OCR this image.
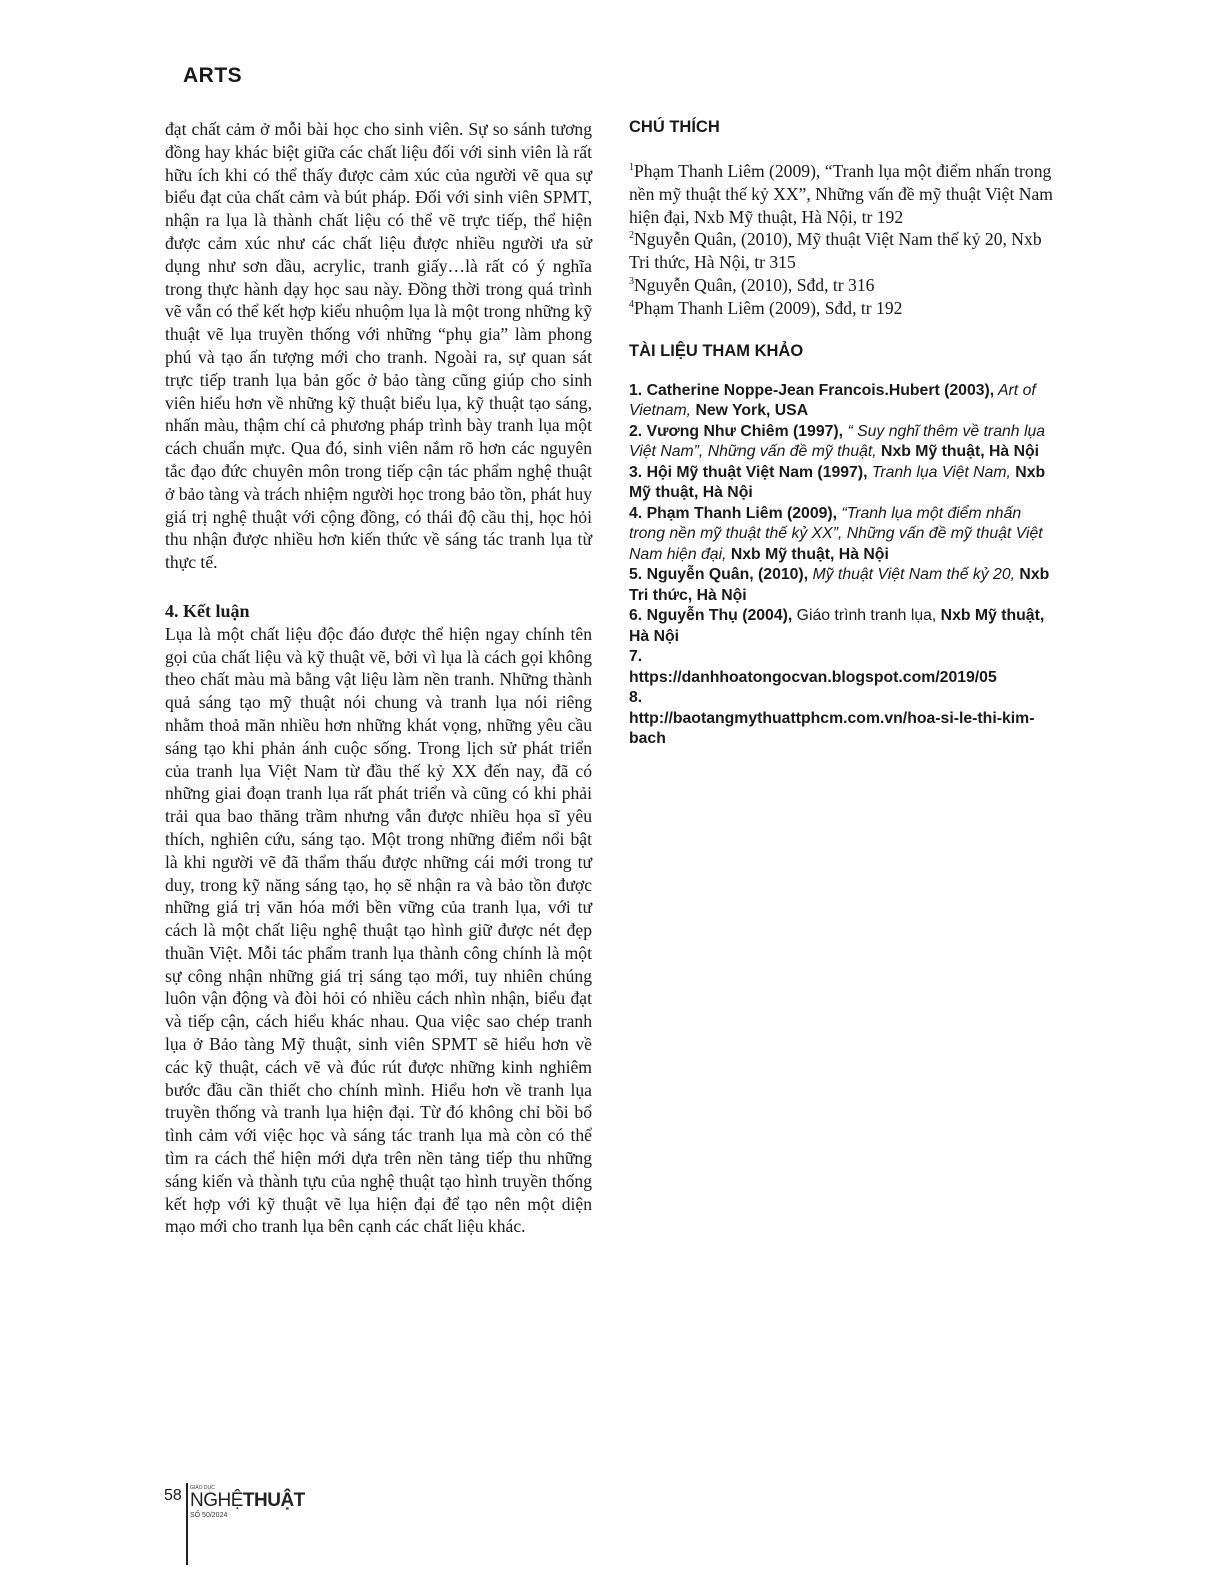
ARTS

đạt chất cảm ở mỗi bài học cho sinh viên. Sự so sánh tương đồng hay khác biệt giữa các chất liệu đối với sinh viên là rất hữu ích khi có thể thấy được cảm xúc của người vẽ qua sự biểu đạt của chất cảm và bút pháp. Đối với sinh viên SPMT, nhận ra lụa là thành chất liệu có thể vẽ trực tiếp, thể hiện được cảm xúc như các chất liệu được nhiều người ưa sử dụng như sơn dầu, acrylic, tranh giấy…là rất có ý nghĩa trong thực hành dạy học sau này. Đồng thời trong quá trình vẽ vẫn có thể kết hợp kiểu nhuộm lụa là một trong những kỹ thuật vẽ lụa truyền thống với những “phụ gia” làm phong phú và tạo ấn tượng mới cho tranh. Ngoài ra, sự quan sát trực tiếp tranh lụa bản gốc ở bảo tàng cũng giúp cho sinh viên hiểu hơn về những kỹ thuật biểu lụa, kỹ thuật tạo sáng, nhấn màu, thậm chí cả phương pháp trình bày tranh lụa một cách chuẩn mực. Qua đó, sinh viên nắm rõ hơn các nguyên tắc đạo đức chuyên môn trong tiếp cận tác phẩm nghệ thuật ở bảo tàng và trách nhiệm người học trong bảo tồn, phát huy giá trị nghệ thuật với cộng đồng, có thái độ cầu thị, học hỏi thu nhận được nhiều hơn kiến thức về sáng tác tranh lụa từ thực tế.

4. Kết luận

Lụa là một chất liệu độc đáo được thể hiện ngay chính tên gọi của chất liệu và kỹ thuật vẽ, bởi vì lụa là cách gọi không theo chất màu mà bằng vật liệu làm nền tranh. Những thành quả sáng tạo mỹ thuật nói chung và tranh lụa nói riêng nhằm thoả mãn nhiều hơn những khát vọng, những yêu cầu sáng tạo khi phản ánh cuộc sống. Trong lịch sử phát triển của tranh lụa Việt Nam từ đầu thế kỷ XX đến nay, đã có những giai đoạn tranh lụa rất phát triển và cũng có khi phải trải qua bao thăng trầm nhưng vẫn được nhiều họa sĩ yêu thích, nghiên cứu, sáng tạo. Một trong những điểm nổi bật là khi người vẽ đã thẩm thấu được những cái mới trong tư duy, trong kỹ năng sáng tạo, họ sẽ nhận ra và bảo tồn được những giá trị văn hóa mới bền vững của tranh lụa, với tư cách là một chất liệu nghệ thuật tạo hình giữ được nét đẹp thuần Việt. Mỗi tác phẩm tranh lụa thành công chính là một sự công nhận những giá trị sáng tạo mới, tuy nhiên chúng luôn vận động và đòi hỏi có nhiều cách nhìn nhận, biểu đạt và tiếp cận, cách hiểu khác nhau. Qua việc sao chép tranh lụa ở Bảo tàng Mỹ thuật, sinh viên SPMT sẽ hiểu hơn về các kỹ thuật, cách vẽ và đúc rút được những kinh nghiêm bước đầu cần thiết cho chính mình. Hiểu hơn về tranh lụa truyền thống và tranh lụa hiện đại. Từ đó không chỉ bồi bổ tình cảm với việc học và sáng tác tranh lụa mà còn có thể tìm ra cách thể hiện mới dựa trên nền tảng tiếp thu những sáng kiến và thành tựu của nghệ thuật tạo hình truyền thống kết hợp với kỹ thuật vẽ lụa hiện đại để tạo nên một diện mạo mới cho tranh lụa bên cạnh các chất liệu khác.

CHÚ THÍCH

$^1$Phạm Thanh Liêm (2009), “Tranh lụa một điểm nhấn trong nền mỹ thuật thế kỷ XX”, Những vấn đề mỹ thuật Việt Nam hiện đại, Nxb Mỹ thuật, Hà Nội, tr 192

$^2$Nguyễn Quân, (2010), Mỹ thuật Việt Nam thế kỷ 20, Nxb Tri thức, Hà Nội, tr 315

$^3$Nguyễn Quân, (2010), Sđd, tr 316

$^4$Phạm Thanh Liêm (2009), Sđd, tr 192

TÀI LIỆU THAM KHẢO

1. Catherine Noppe-Jean Francois.Hubert (2003), Art of Vietnam, New York, USA

2. Vương Như Chiêm (1997), “ Suy nghĩ thêm về tranh lụa Việt Nam”, Những vấn đề mỹ thuật, Nxb Mỹ thuật, Hà Nội

3. Hội Mỹ thuật Việt Nam (1997), Tranh lụa Việt Nam, Nxb Mỹ thuật, Hà Nội

4. Phạm Thanh Liêm (2009), “Tranh lụa một điểm nhấn trong nền mỹ thuật thế kỷ XX”, Những vấn đề mỹ thuật Việt Nam hiện đại, Nxb Mỹ thuật, Hà Nội

5. Nguyễn Quân, (2010), Mỹ thuật Việt Nam thế kỷ 20, Nxb Tri thức, Hà Nội

6. Nguyễn Thụ (2004), Giáo trình tranh lụa, Nxb Mỹ thuật, Hà Nội

7.

https://danhhoatongocvan.blogspot.com/2019/05

8.

http://baotangmythuattphcm.com.vn/hoa-si-le-thi-kim-bach

58 GIÁO DỤC
NGHỆTHUẬT
SỐ 50/2024
